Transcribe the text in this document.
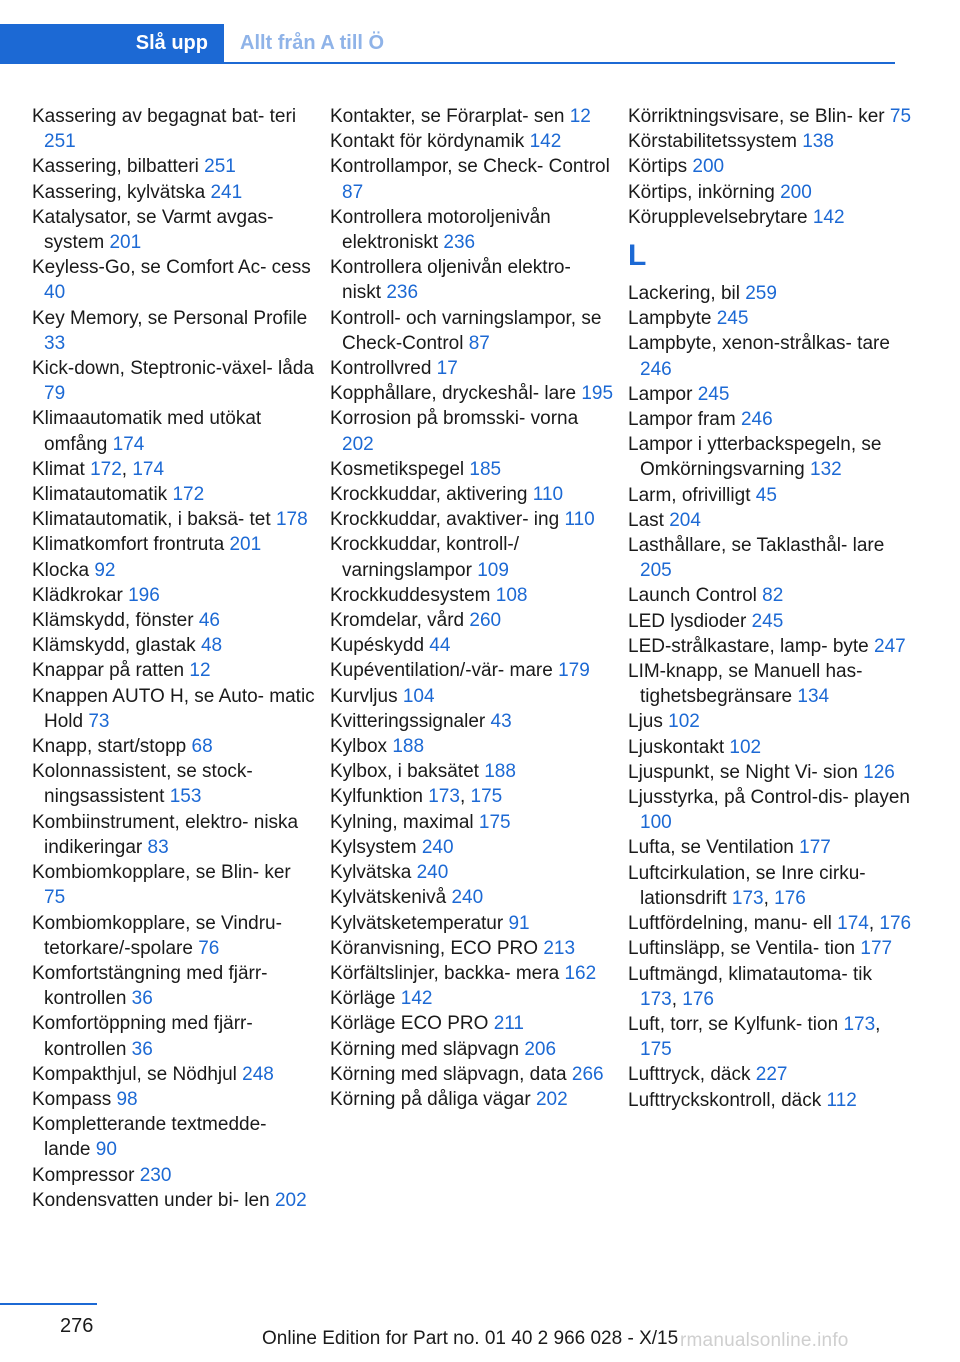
Slå upp	Allt från A till Ö
Kassering av begagnat bat‐ teri 251
Kassering, bilbatteri 251
Kassering, kylvätska 241
Katalysator, se Varmt avgas‐ system 201
Keyless-Go, se Comfort Ac‐ cess 40
Key Memory, se Personal Profile 33
Kick-down, Steptronic-växel‐ låda 79
Klimaautomatik med utökat omfång 174
Klimat 172, 174
Klimatautomatik 172
Klimatautomatik, i baksä‐ tet 178
Klimatkomfort frontruta 201
Klocka 92
Klädkrokar 196
Klämskydd, fönster 46
Klämskydd, glastak 48
Knappar på ratten 12
Knappen AUTO H, se Auto‐ matic Hold 73
Knapp, start/stopp 68
Kolonnassistent, se stock‐ ningsassistent 153
Kombiinstrument, elektro‐ niska indikeringar 83
Kombiomkopplare, se Blin‐ ker 75
Kombiomkopplare, se Vindru‐ tetorkare/-spolare 76
Komfortstängning med fjärr‐ kontrollen 36
Komfortöppning med fjärr‐ kontrollen 36
Kompakthjul, se Nödhjul 248
Kompass 98
Kompletterande textmedde‐ lande 90
Kompressor 230
Kondensvatten under bi‐ len 202
Kontakter, se Förarplat‐ sen 12
Kontakt för kördynamik 142
Kontrollampor, se Check- Control 87
Kontrollera motoroljenivån elektroniskt 236
Kontrollera oljenivån elektro‐ niskt 236
Kontroll- och varningslampor, se Check-Control 87
Kontrollvred 17
Kopphållare, dryckeshål‐ lare 195
Korrosion på bromsski‐ vorna 202
Kosmetikspegel 185
Krockkuddar, aktivering 110
Krockkuddar, avaktiver‐ ing 110
Krockkuddar, kontroll-/ varningslampor 109
Krockkuddesystem 108
Kromdelar, vård 260
Kupéskydd 44
Kupéventilation/-vär‐ mare 179
Kurvljus 104
Kvitteringssignaler 43
Kylbox 188
Kylbox, i baksätet 188
Kylfunktion 173, 175
Kylning, maximal 175
Kylsystem 240
Kylvätska 240
Kylvätskenivå 240
Kylvätsketemperatur 91
Köranvisning, ECO PRO 213
Körfältslinjer, backka‐ mera 162
Körläge 142
Körläge ECO PRO 211
Körning med släpvagn 206
Körning med släpvagn, data 266
Körning på dåliga vägar 202
Körriktningsvisare, se Blin‐ ker 75
Körstabilitetssystem 138
Körtips 200
Körtips, inkörning 200
Körupplevelsebrytare 142
L
Lackering, bil 259
Lampbyte 245
Lampbyte, xenon-strålkas‐ tare 246
Lampor 245
Lampor fram 246
Lampor i ytterbackspegeln, se Omkörningsvarning 132
Larm, ofrivilligt 45
Last 204
Lasthållare, se Taklasthål‐ lare 205
Launch Control 82
LED lysdioder 245
LED-strålkastare, lamp‐ byte 247
LIM-knapp, se Manuell has‐ tighetsbegränsare 134
Ljus 102
Ljuskontakt 102
Ljuspunkt, se Night Vi‐ sion 126
Ljusstyrka, på Control-dis‐ playen 100
Lufta, se Ventilation 177
Luftcirkulation, se Inre cirku‐ lationsdrift 173, 176
Luftfördelning, manu‐ ell 174, 176
Luftinsläpp, se Ventila‐ tion 177
Luftmängd, klimatautoma‐ tik 173, 176
Luft, torr, se Kylfunk‐ tion 173, 175
Lufttryck, däck 227
Lufttryckskontroll, däck 112
276
Online Edition for Part no. 01 40 2 966 028 - X/15 rmanualsonline.info
